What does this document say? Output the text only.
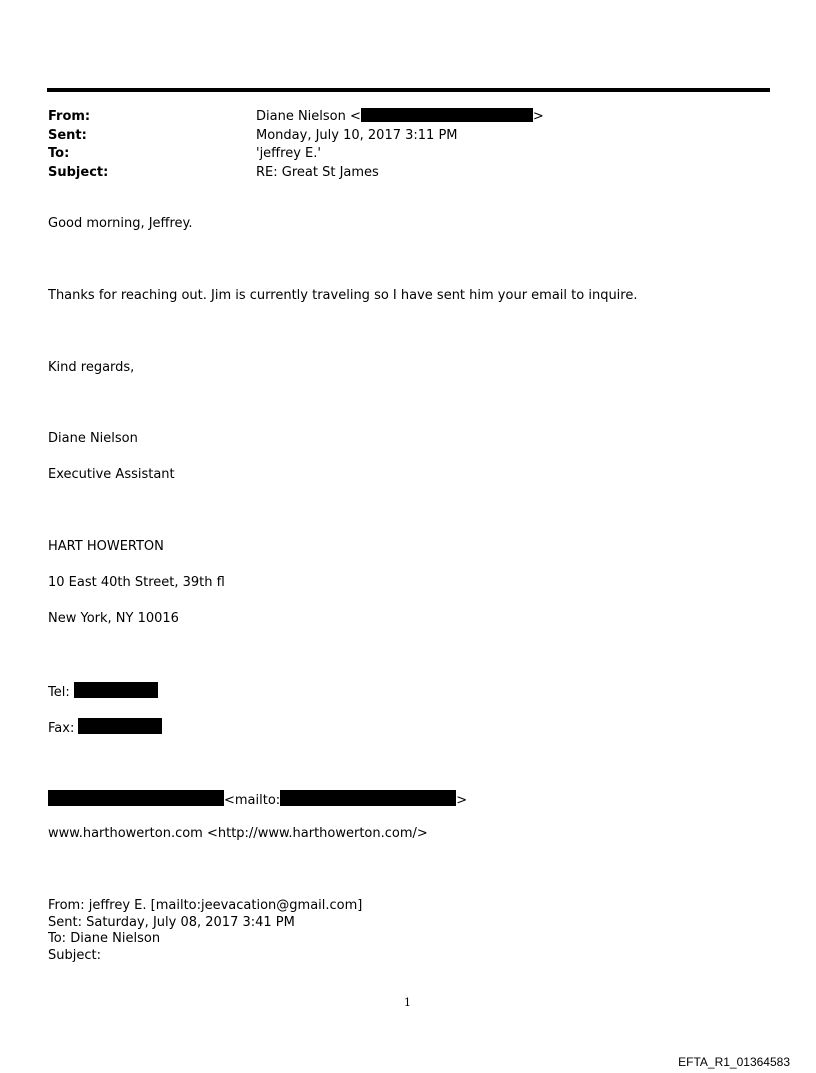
From:	Diane Nielson <	>
Sent:	Monday, July 10, 2017 3:11 PM
To:	'jeffrey E.'
Subject:	RE: Great St James
Good morning, Jeffrey.
Thanks for reaching out. Jim is currently traveling so I have sent him your email to inquire.
Kind regards,
Diane Nielson
Executive Assistant
HART HOWERTON
10 East 40th Street, 39th fl
New York, NY 10016
Tel:
Fax:
<mailto:	>
www.harthowerton.com <http://www.harthowerton.com/>
From: jeffrey E. [mailto:jeevacation@gmail.com]
Sent: Saturday, July 08, 2017 3:41 PM
To: Diane Nielson
Subject:
1
EFTA_R1_01364583
